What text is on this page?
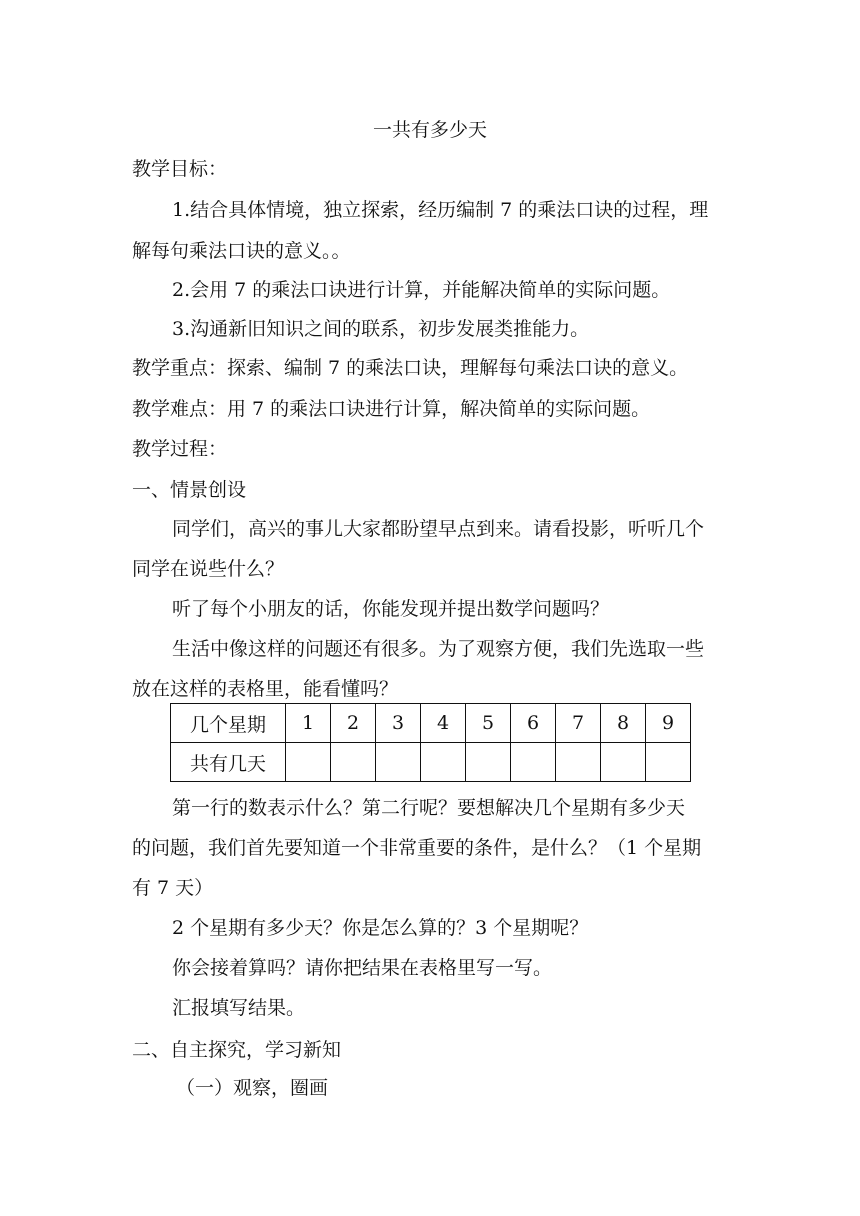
一共有多少天
教学目标：
1.结合具体情境，独立探索，经历编制 7 的乘法口诀的过程，理
解每句乘法口诀的意义。。
2.会用 7 的乘法口诀进行计算，并能解决简单的实际问题。
3.沟通新旧知识之间的联系，初步发展类推能力。
教学重点：探索、编制 7 的乘法口诀，理解每句乘法口诀的意义。
教学难点：用 7 的乘法口诀进行计算，解决简单的实际问题。
教学过程：
一、情景创设
同学们，高兴的事儿大家都盼望早点到来。请看投影，听听几个
同学在说些什么？
听了每个小朋友的话，你能发现并提出数学问题吗？
生活中像这样的问题还有很多。为了观察方便，我们先选取一些
放在这样的表格里，能看懂吗？
几个星期	1	2	3	4	5	6	7	8	9
共有几天									
第一行的数表示什么？第二行呢？要想解决几个星期有多少天
的问题，我们首先要知道一个非常重要的条件，是什么？（1 个星期
有 7 天）
2 个星期有多少天？你是怎么算的？3 个星期呢？
你会接着算吗？请你把结果在表格里写一写。
汇报填写结果。
二、自主探究，学习新知
（一）观察，圈画
